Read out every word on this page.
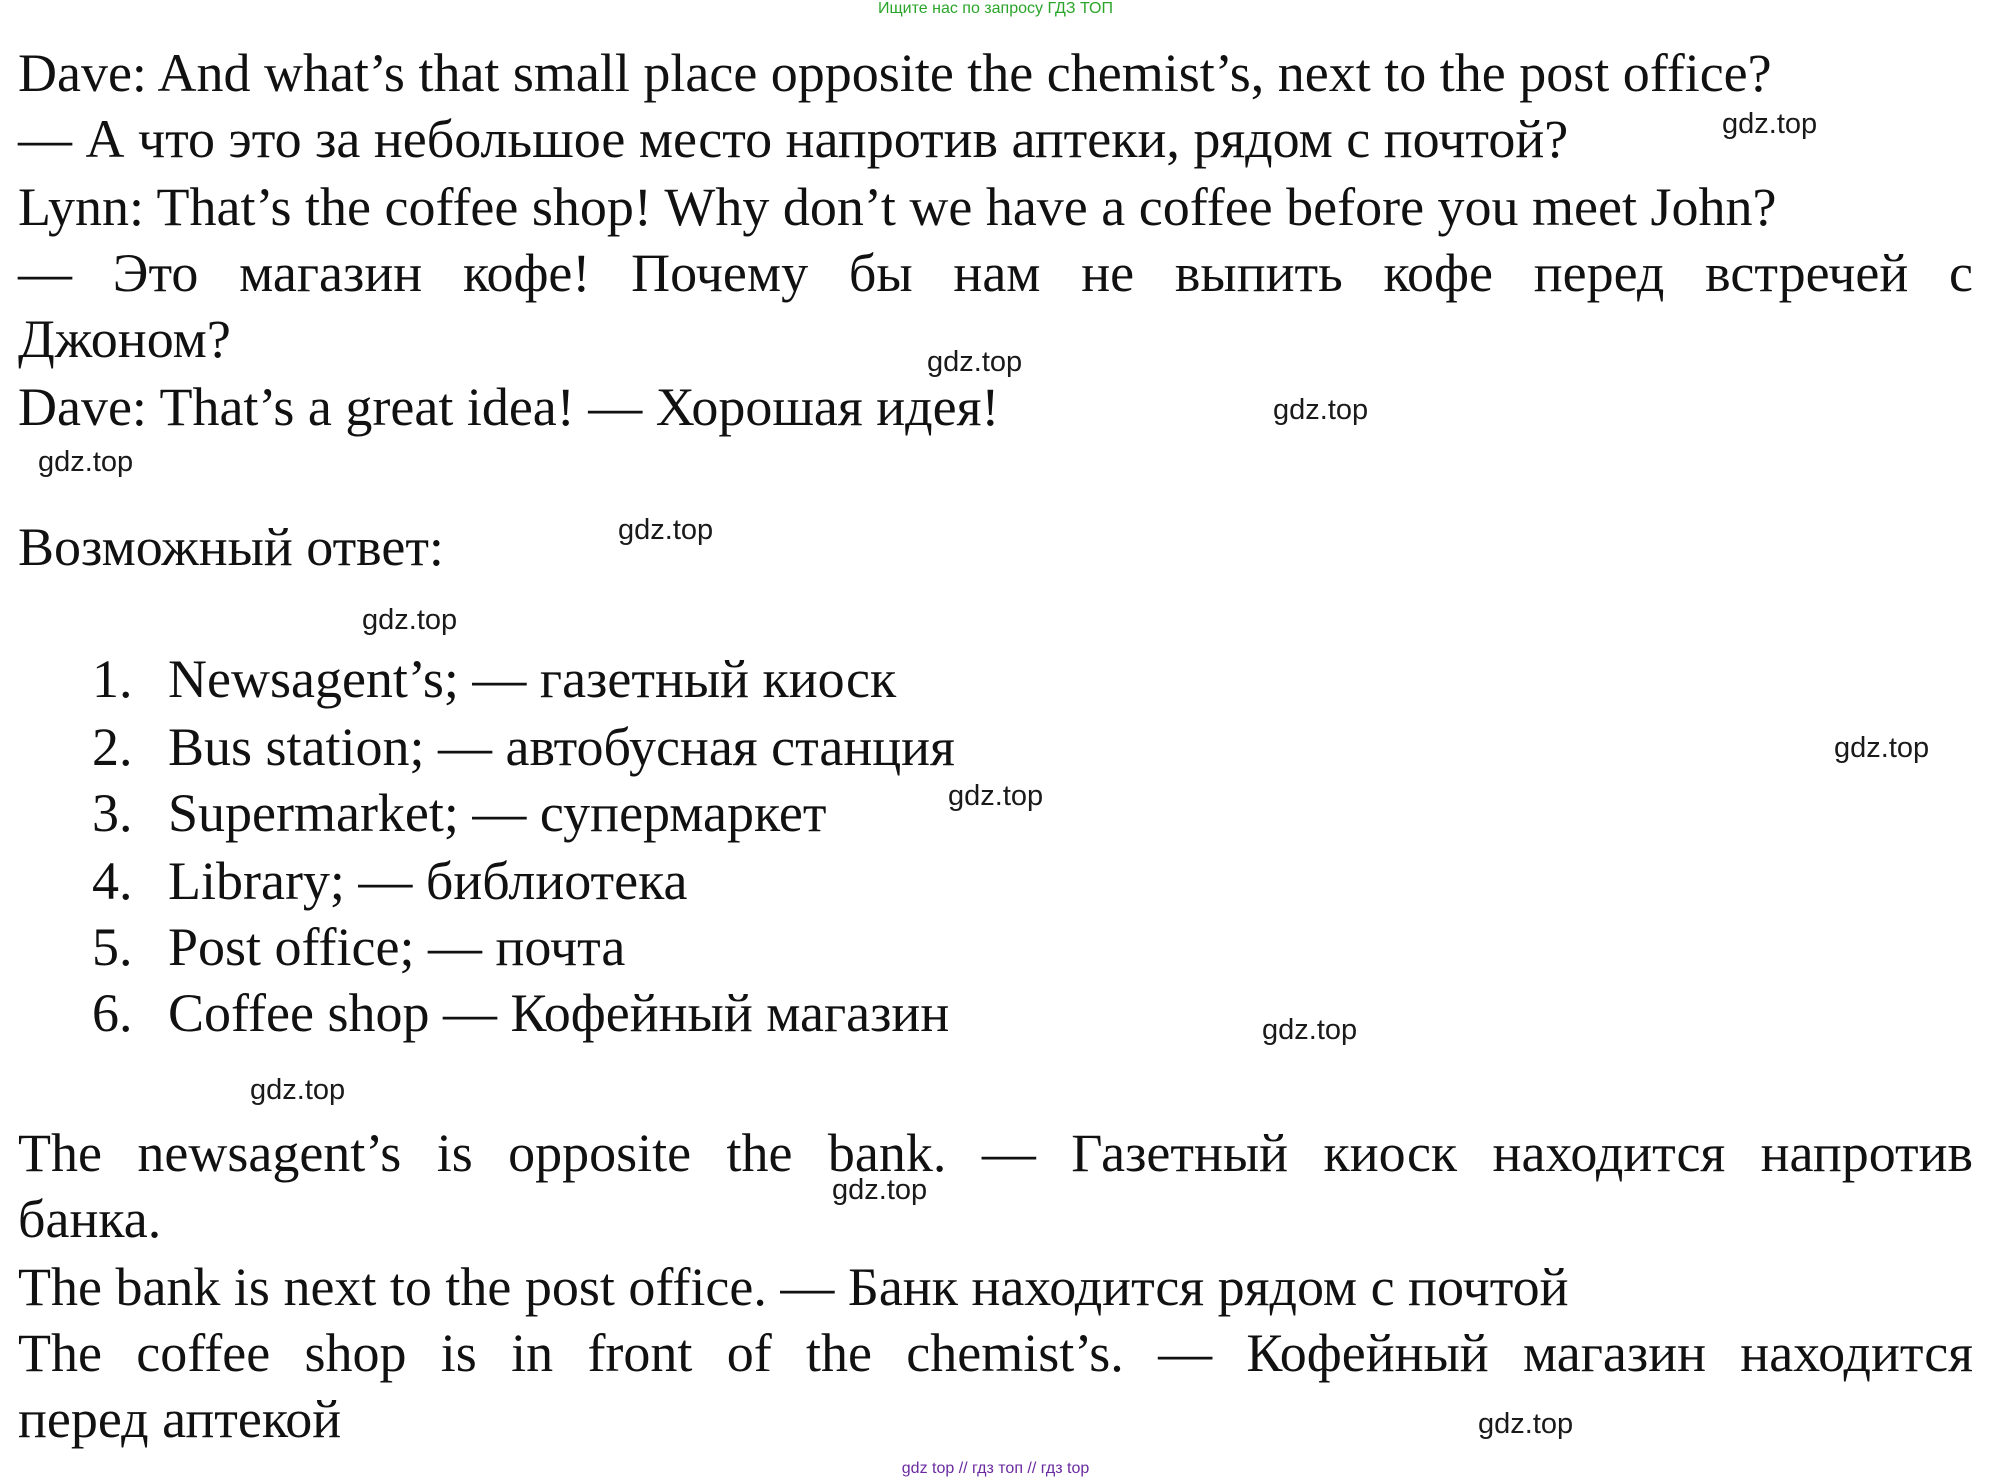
Ищите нас по запросу ГДЗ ТОП
Dave: And what’s that small place opposite the chemist’s, next to the post office?
— А что это за небольшое место напротив аптеки, рядом с почтой?
Lynn: That’s the coffee shop! Why don’t we have a coffee before you meet John?
— Это магазин кофе! Почему бы нам не выпить кофе перед встречей с
Джоном?
Dave: That’s a great idea! — Хорошая идея!
Возможный ответ:
1. Newsagent’s; — газетный киоск
2. Bus station; — автобусная станция
3. Supermarket; — супермаркет
4. Library; — библиотека
5. Post office; — почта
6. Coffee shop — Кофейный магазин
The newsagent’s is opposite the bank. — Газетный киоск находится напротив
банка.
The bank is next to the post office. — Банк находится рядом с почтой
The coffee shop is in front of the chemist’s. — Кофейный магазин находится
перед аптекой
gdz.top
gdz.top
gdz.top
gdz.top
gdz.top
gdz.top
gdz.top
gdz.top
gdz.top
gdz.top
gdz.top
gdz.top
gdz top // гдз топ // гдз top
